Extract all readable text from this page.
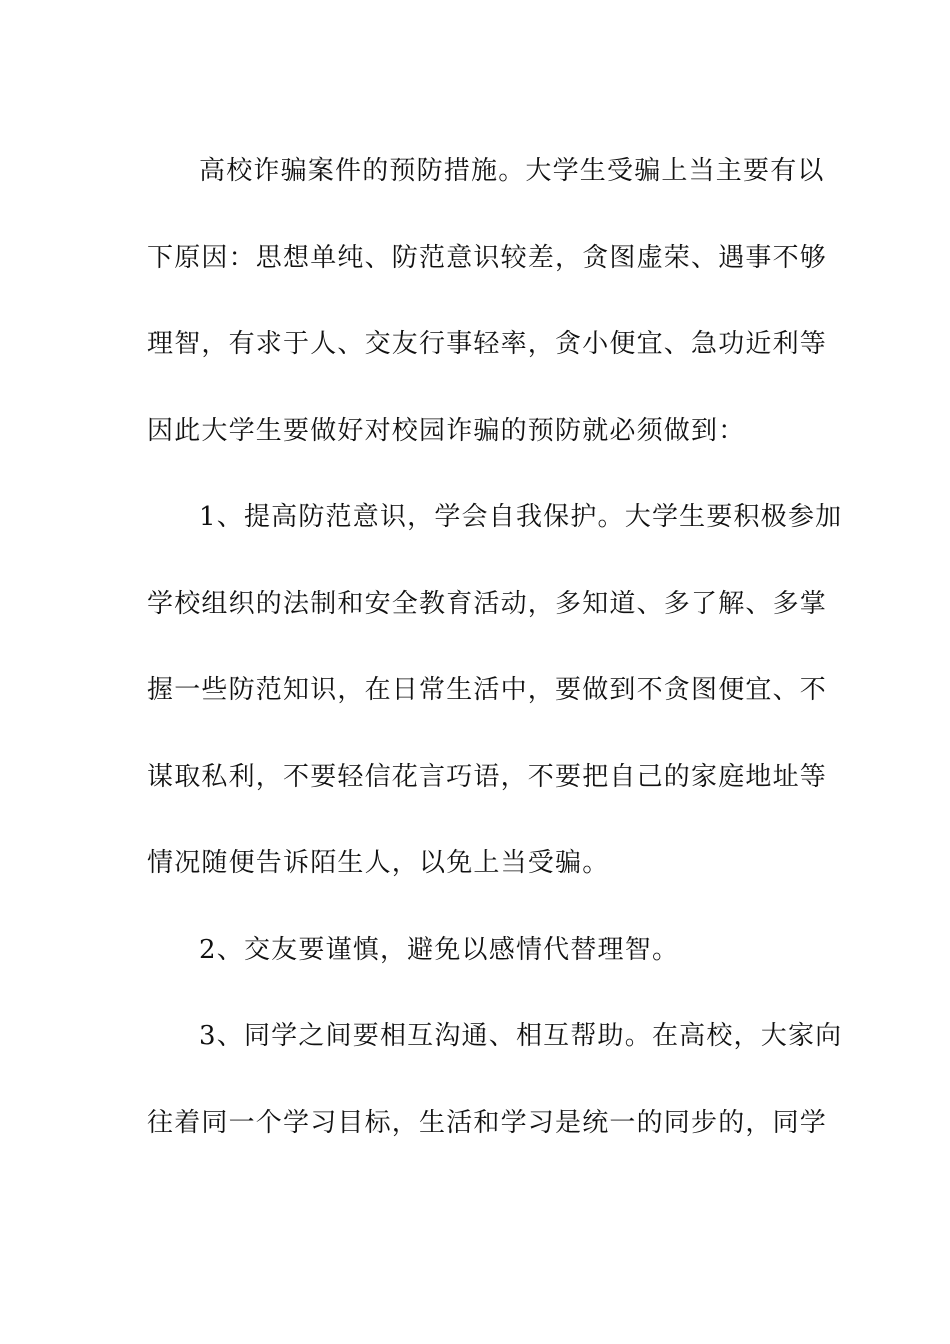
高校诈骗案件的预防措施。大学生受骗上当主要有以
下原因：思想单纯、防范意识较差，贪图虚荣、遇事不够
理智，有求于人、交友行事轻率，贪小便宜、急功近利等
因此大学生要做好对校园诈骗的预防就必须做到：
1、提高防范意识，学会自我保护。大学生要积极参加
学校组织的法制和安全教育活动，多知道、多了解、多掌
握一些防范知识，在日常生活中，要做到不贪图便宜、不
谋取私利，不要轻信花言巧语，不要把自己的家庭地址等
情况随便告诉陌生人，以免上当受骗。
2、交友要谨慎，避免以感情代替理智。
3、同学之间要相互沟通、相互帮助。在高校，大家向
往着同一个学习目标，生活和学习是统一的同步的，同学
